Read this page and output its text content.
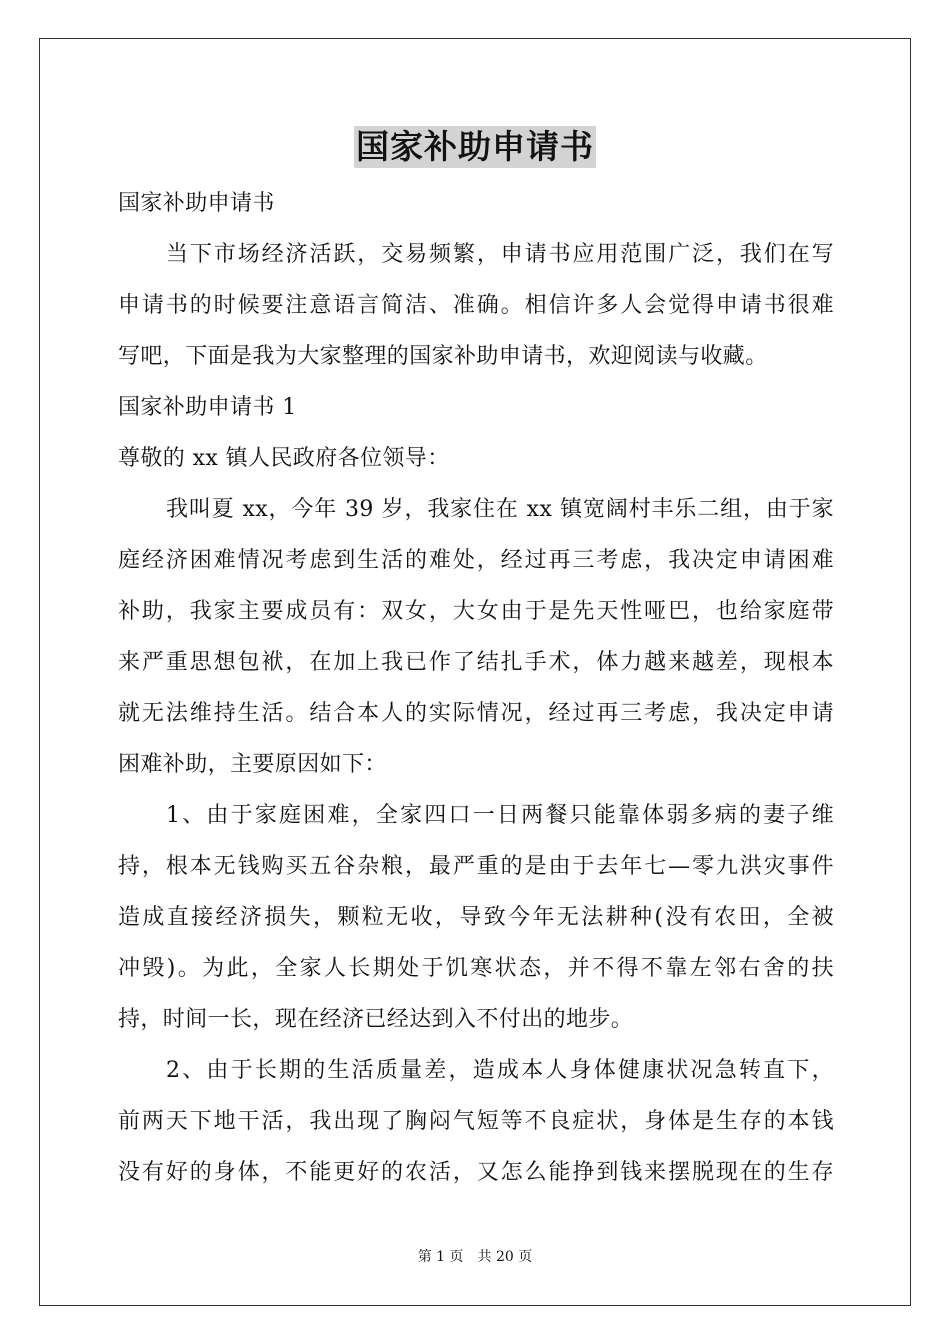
国家补助申请书
国家补助申请书
当下市场经济活跃，交易频繁，申请书应用范围广泛，我们在写
申请书的时候要注意语言简洁、准确。相信许多人会觉得申请书很难
写吧，下面是我为大家整理的国家补助申请书，欢迎阅读与收藏。
国家补助申请书 1
尊敬的 xx 镇人民政府各位领导：
我叫夏 xx，今年 39 岁，我家住在 xx 镇宽阔村丰乐二组，由于家
庭经济困难情况考虑到生活的难处，经过再三考虑，我决定申请困难
补助，我家主要成员有：双女，大女由于是先天性哑巴，也给家庭带
来严重思想包袱，在加上我已作了结扎手术，体力越来越差，现根本
就无法维持生活。结合本人的实际情况，经过再三考虑，我决定申请
困难补助，主要原因如下：
1、由于家庭困难，全家四口一日两餐只能靠体弱多病的妻子维
持，根本无钱购买五谷杂粮，最严重的是由于去年七—零九洪灾事件
造成直接经济损失，颗粒无收，导致今年无法耕种(没有农田，全被
冲毁)。为此，全家人长期处于饥寒状态，并不得不靠左邻右舍的扶
持，时间一长，现在经济已经达到入不付出的地步。
2、由于长期的生活质量差，造成本人身体健康状况急转直下，
前两天下地干活，我出现了胸闷气短等不良症状，身体是生存的本钱
没有好的身体，不能更好的农活，又怎么能挣到钱来摆脱现在的生存
第 1 页　共 20 页
